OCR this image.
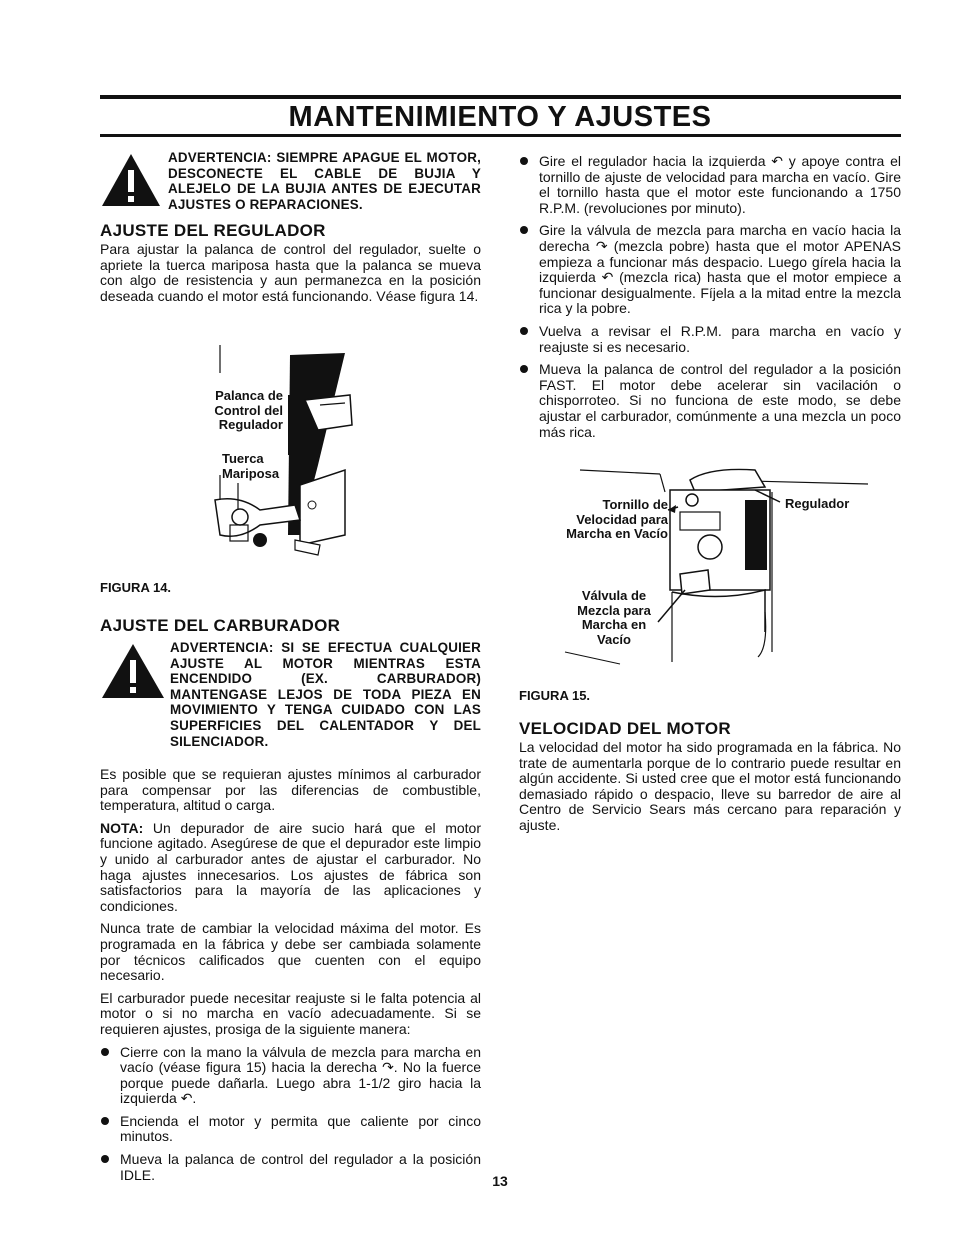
MANTENIMIENTO Y AJUSTES
ADVERTENCIA: SIEMPRE APAGUE EL MOTOR, DESCONECTE EL CABLE DE BUJIA Y ALEJELO DE LA BUJIA ANTES DE EJECUTAR AJUSTES O REPARACIONES.
AJUSTE DEL REGULADOR
Para ajustar la palanca de control del regulador, suelte o apriete la tuerca mariposa hasta que la palanca se mueva con algo de resistencia y aun permanezca en la posición deseada cuando el motor está funcionando. Véase figura 14.
Palanca de
Control del
Regulador
Tuerca
Mariposa
FIGURA 14.
AJUSTE DEL CARBURADOR
ADVERTENCIA: SI SE EFECTUA CUALQUIER AJUSTE AL MOTOR MIENTRAS ESTA ENCENDIDO (EX. CARBURADOR) MANTENGASE LEJOS DE TODA PIEZA EN MOVIMIENTO Y TENGA CUIDADO CON LAS SUPERFICIES DEL CALENTADOR Y DEL SILENCIADOR.

Es posible que se requieran ajustes mínimos al carburador para compensar por las diferencias de combustible, temperatura, altitud o carga.

NOTA: Un depurador de aire sucio hará que el motor funcione agitado. Asegúrese de que el depurador este limpio y unido al carburador antes de ajustar el carburador. No haga ajustes innecesarios. Los ajustes de fábrica son satisfactorios para la mayoría de las aplicaciones y condiciones.

Nunca trate de cambiar la velocidad máxima del motor. Es programada en la fábrica y debe ser cambiada solamente por técnicos calificados que cuenten con el equipo necesario.

El carburador puede necesitar reajuste si le falta potencia al motor o si no marcha en vacío adecuadamente. Si se requieren ajustes, prosiga de la siguiente manera:

Cierre con la mano la válvula de mezcla para marcha en vacío (véase figura 15) hacia la derecha ↷. No la fuerce porque puede dañarla. Luego abra 1-1/2 giro hacia la izquierda ↶.
Encienda el motor y permita que caliente por cinco minutos.
Mueva la palanca de control del regulador a la posición IDLE.
Gire el regulador hacia la izquierda ↶ y apoye contra el tornillo de ajuste de velocidad para marcha en vacío. Gire el tornillo hasta que el motor este funcionando a 1750 R.P.M. (revoluciones por minuto).
Gire la válvula de mezcla para marcha en vacío hacia la derecha ↷ (mezcla pobre) hasta que el motor APENAS empieza a funcionar más despacio. Luego gírela hacia la izquierda ↶ (mezcla rica) hasta que el motor empiece a funcionar desigualmente. Fíjela a la mitad entre la mezcla rica y la pobre.
Vuelva a revisar el R.P.M. para marcha en vacío y reajuste si es necesario.
Mueva la palanca de control del regulador a la posición FAST. El motor debe acelerar sin vacilación o chisporroteo. Si no funciona de este modo, se debe ajustar el carburador, comúnmente a una mezcla un poco más rica.
Tornillo de
Velocidad para
Marcha en Vacío
Regulador
Válvula de
Mezcla para
Marcha en
Vacío
FIGURA 15.
VELOCIDAD DEL MOTOR
La velocidad del motor ha sido programada en la fábrica. No trate de aumentarla porque de lo contrario puede resultar en algún accidente. Si usted cree que el motor está funcionando demasiado rápido o despacio, lleve su barredor de aire al Centro de Servicio Sears más cercano para reparación y ajuste.
13
